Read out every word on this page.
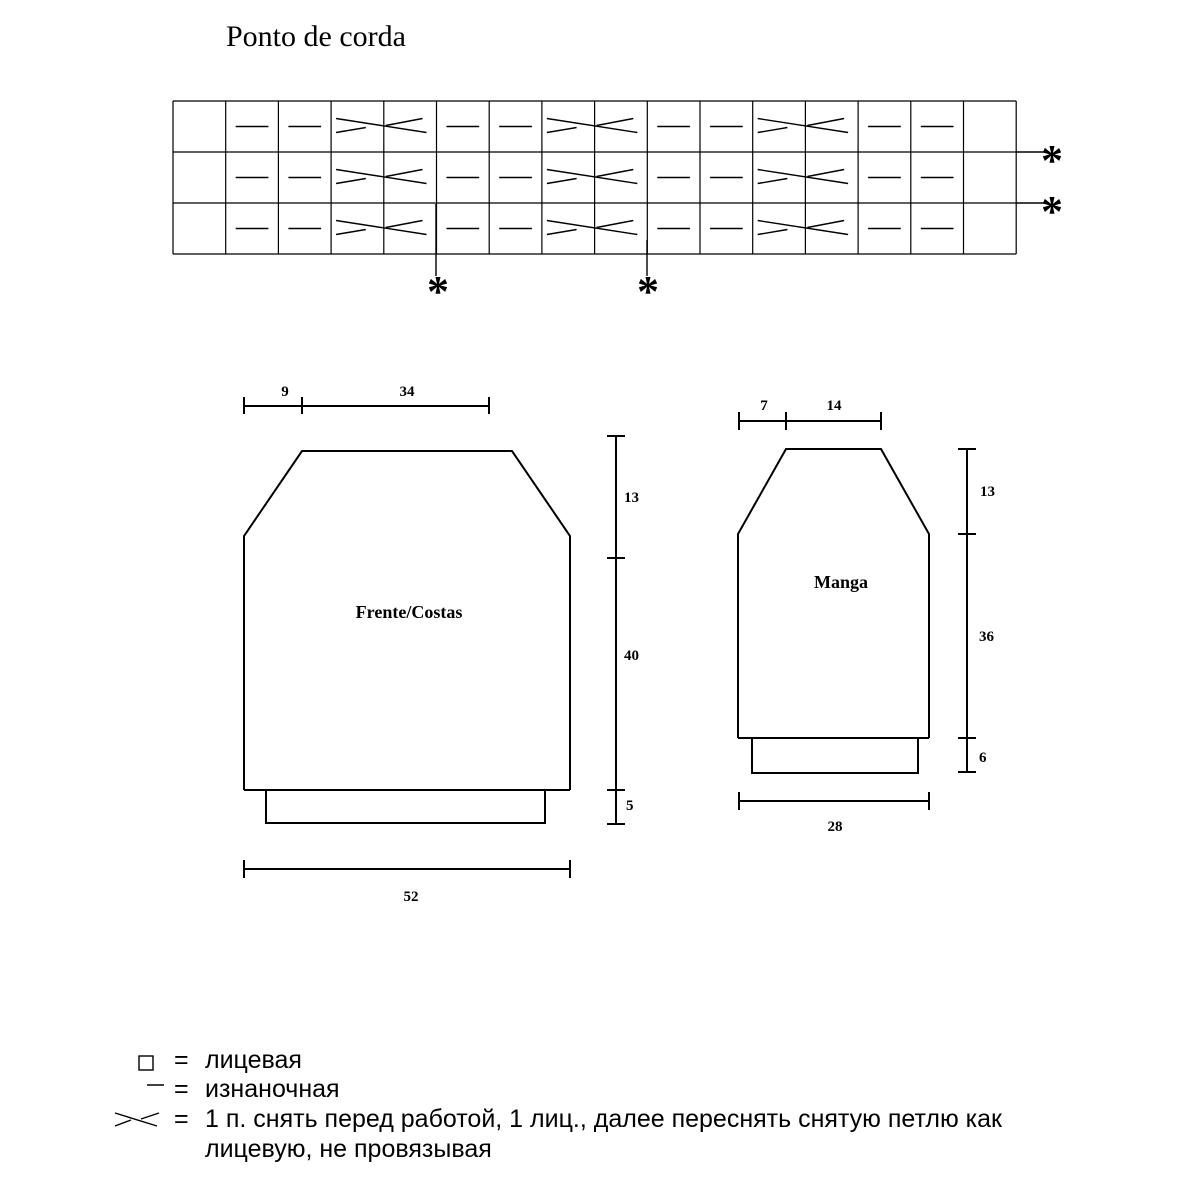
Ponto de corda
*
*
*	*
9	34
13
40
5
52
Frente/Costas
7	14
13
36
6
28
Manga
= лицевая
= изнаночная
= 1 п. снять перед работой, 1 лиц., далее переснять снятую петлю как
лицевую, не провязывая
